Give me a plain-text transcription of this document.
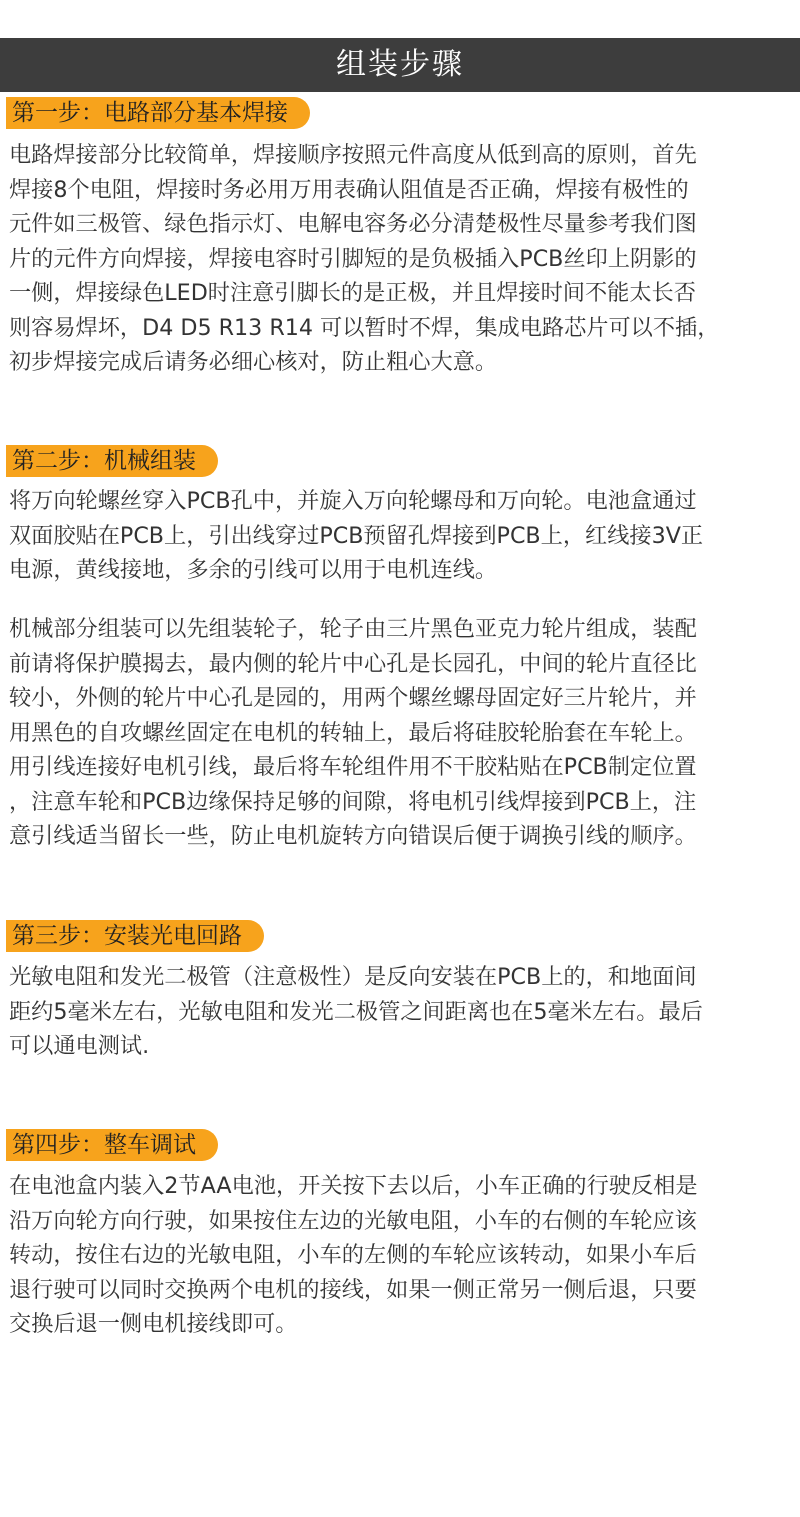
组装步骤
第一步：电路部分基本焊接
电路焊接部分比较简单，焊接顺序按照元件高度从低到高的原则，首先
焊接8个电阻，焊接时务必用万用表确认阻值是否正确，焊接有极性的
元件如三极管、绿色指示灯、电解电容务必分清楚极性尽量参考我们图
片的元件方向焊接，焊接电容时引脚短的是负极插入PCB丝印上阴影的
一侧，焊接绿色LED时注意引脚长的是正极，并且焊接时间不能太长否
则容易焊坏，D4 D5 R13 R14 可以暂时不焊，集成电路芯片可以不插，
初步焊接完成后请务必细心核对，防止粗心大意。
第二步：机械组装
将万向轮螺丝穿入PCB孔中，并旋入万向轮螺母和万向轮。电池盒通过
双面胶贴在PCB上，引出线穿过PCB预留孔焊接到PCB上，红线接3V正
电源，黄线接地，多余的引线可以用于电机连线。
机械部分组装可以先组装轮子，轮子由三片黑色亚克力轮片组成，装配
前请将保护膜揭去，最内侧的轮片中心孔是长园孔，中间的轮片直径比
较小，外侧的轮片中心孔是园的，用两个螺丝螺母固定好三片轮片，并
用黑色的自攻螺丝固定在电机的转轴上，最后将硅胶轮胎套在车轮上。
用引线连接好电机引线，最后将车轮组件用不干胶粘贴在PCB制定位置
，注意车轮和PCB边缘保持足够的间隙，将电机引线焊接到PCB上，注
意引线适当留长一些，防止电机旋转方向错误后便于调换引线的顺序。
第三步：安装光电回路
光敏电阻和发光二极管（注意极性）是反向安装在PCB上的，和地面间
距约5毫米左右，光敏电阻和发光二极管之间距离也在5毫米左右。最后
可以通电测试.
第四步：整车调试
在电池盒内装入2节AA电池，开关按下去以后，小车正确的行驶反相是
沿万向轮方向行驶，如果按住左边的光敏电阻，小车的右侧的车轮应该
转动，按住右边的光敏电阻，小车的左侧的车轮应该转动，如果小车后
退行驶可以同时交换两个电机的接线，如果一侧正常另一侧后退，只要
交换后退一侧电机接线即可。
